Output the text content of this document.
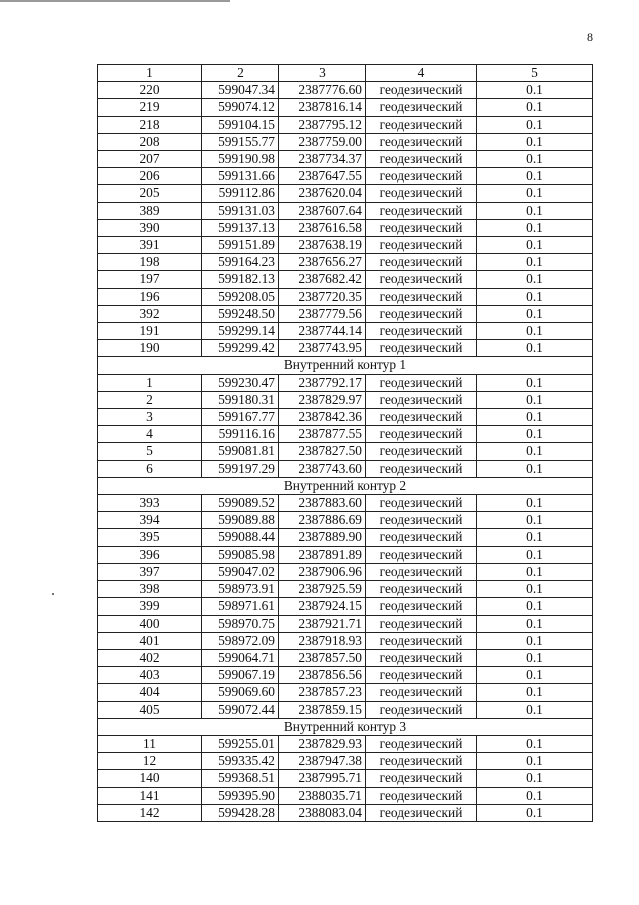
8
1	2	3	4	5
220	599047.34	2387776.60	геодезический	0.1
219	599074.12	2387816.14	геодезический	0.1
218	599104.15	2387795.12	геодезический	0.1
208	599155.77	2387759.00	геодезический	0.1
207	599190.98	2387734.37	геодезический	0.1
206	599131.66	2387647.55	геодезический	0.1
205	599112.86	2387620.04	геодезический	0.1
389	599131.03	2387607.64	геодезический	0.1
390	599137.13	2387616.58	геодезический	0.1
391	599151.89	2387638.19	геодезический	0.1
198	599164.23	2387656.27	геодезический	0.1
197	599182.13	2387682.42	геодезический	0.1
196	599208.05	2387720.35	геодезический	0.1
392	599248.50	2387779.56	геодезический	0.1
191	599299.14	2387744.14	геодезический	0.1
190	599299.42	2387743.95	геодезический	0.1
Внутренний контур 1				
1	599230.47	2387792.17	геодезический	0.1
2	599180.31	2387829.97	геодезический	0.1
3	599167.77	2387842.36	геодезический	0.1
4	599116.16	2387877.55	геодезический	0.1
5	599081.81	2387827.50	геодезический	0.1
6	599197.29	2387743.60	геодезический	0.1
Внутренний контур 2				
393	599089.52	2387883.60	геодезический	0.1
394	599089.88	2387886.69	геодезический	0.1
395	599088.44	2387889.90	геодезический	0.1
396	599085.98	2387891.89	геодезический	0.1
397	599047.02	2387906.96	геодезический	0.1
398	598973.91	2387925.59	геодезический	0.1
399	598971.61	2387924.15	геодезический	0.1
400	598970.75	2387921.71	геодезический	0.1
401	598972.09	2387918.93	геодезический	0.1
402	599064.71	2387857.50	геодезический	0.1
403	599067.19	2387856.56	геодезический	0.1
404	599069.60	2387857.23	геодезический	0.1
405	599072.44	2387859.15	геодезический	0.1
Внутренний контур 3				
11	599255.01	2387829.93	геодезический	0.1
12	599335.42	2387947.38	геодезический	0.1
140	599368.51	2387995.71	геодезический	0.1
141	599395.90	2388035.71	геодезический	0.1
142	599428.28	2388083.04	геодезический	0.1
